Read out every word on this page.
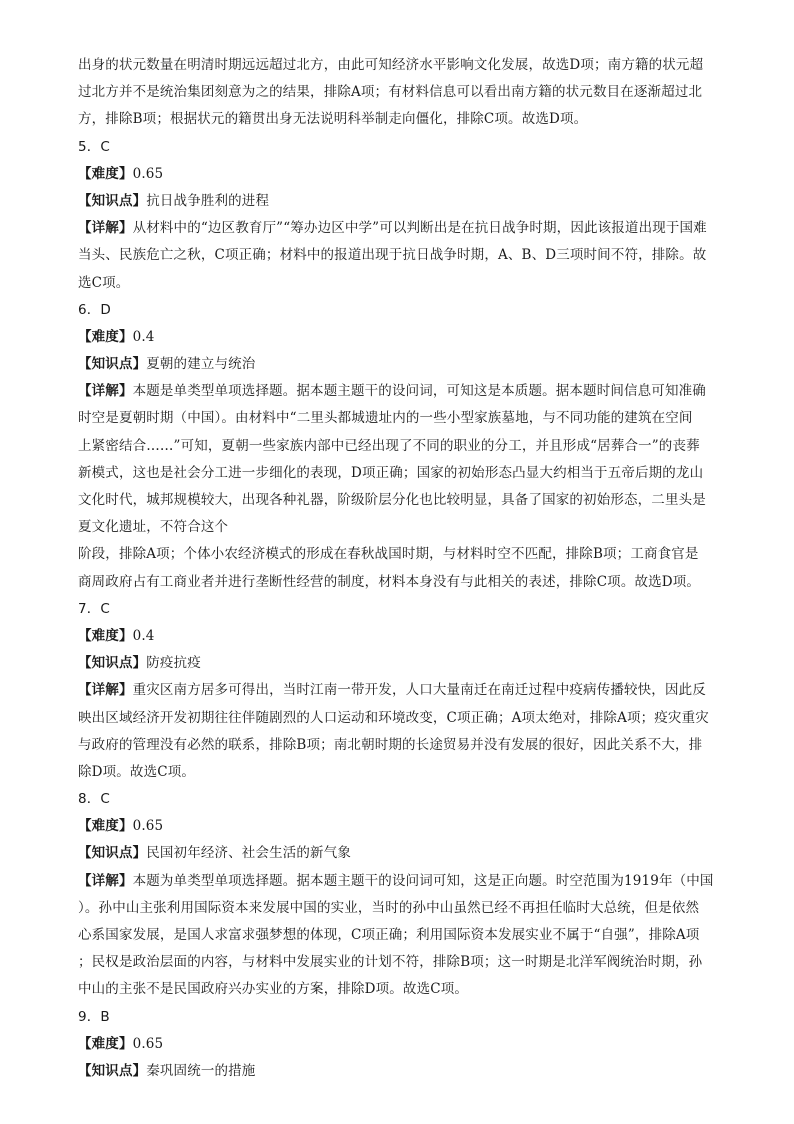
出身的状元数量在明清时期远远超过北方，由此可知经济水平影响文化发展，故选D项；南方籍的状元超
过北方并不是统治集团刻意为之的结果，排除A项；有材料信息可以看出南方籍的状元数目在逐渐超过北
方，排除B项；根据状元的籍贯出身无法说明科举制走向僵化，排除C项。故选D项。
5．C
【难度】0.65
【知识点】抗日战争胜利的进程
【详解】从材料中的“边区教育厅”“筹办边区中学”可以判断出是在抗日战争时期，因此该报道出现于国难
当头、民族危亡之秋，C项正确；材料中的报道出现于抗日战争时期，A、B、D三项时间不符，排除。故
选C项。
6．D
【难度】0.4
【知识点】夏朝的建立与统治
【详解】本题是单类型单项选择题。据本题主题干的设问词，可知这是本质题。据本题时间信息可知准确
时空是夏朝时期（中国）。由材料中“二里头都城遗址内的一些小型家族墓地，与不同功能的建筑在空间
上紧密结合……”可知，夏朝一些家族内部中已经出现了不同的职业的分工，并且形成“居葬合一”的丧葬
新模式，这也是社会分工进一步细化的表现，D项正确；国家的初始形态凸显大约相当于五帝后期的龙山
文化时代，城邦规模较大，出现各种礼器，阶级阶层分化也比较明显，具备了国家的初始形态，二里头是
夏文化遗址，不符合这个
阶段，排除A项；个体小农经济模式的形成在春秋战国时期，与材料时空不匹配，排除B项；工商食官是
商周政府占有工商业者并进行垄断性经营的制度，材料本身没有与此相关的表述，排除C项。故选D项。
7．C
【难度】0.4
【知识点】防疫抗疫
【详解】重灾区南方居多可得出，当时江南一带开发，人口大量南迁在南迁过程中疫病传播较快，因此反
映出区域经济开发初期往往伴随剧烈的人口运动和环境改变，C项正确；A项太绝对，排除A项；疫灾重灾
与政府的管理没有必然的联系，排除B项；南北朝时期的长途贸易并没有发展的很好，因此关系不大，排
除D项。故选C项。
8．C
【难度】0.65
【知识点】民国初年经济、社会生活的新气象
【详解】本题为单类型单项选择题。据本题主题干的设问词可知，这是正向题。时空范围为1919年（中国
）。孙中山主张利用国际资本来发展中国的实业，当时的孙中山虽然已经不再担任临时大总统，但是依然
心系国家发展，是国人求富求强梦想的体现，C项正确；利用国际资本发展实业不属于“自强”，排除A项
；民权是政治层面的内容，与材料中发展实业的计划不符，排除B项；这一时期是北洋军阀统治时期，孙
中山的主张不是民国政府兴办实业的方案，排除D项。故选C项。
9．B
【难度】0.65
【知识点】秦巩固统一的措施
